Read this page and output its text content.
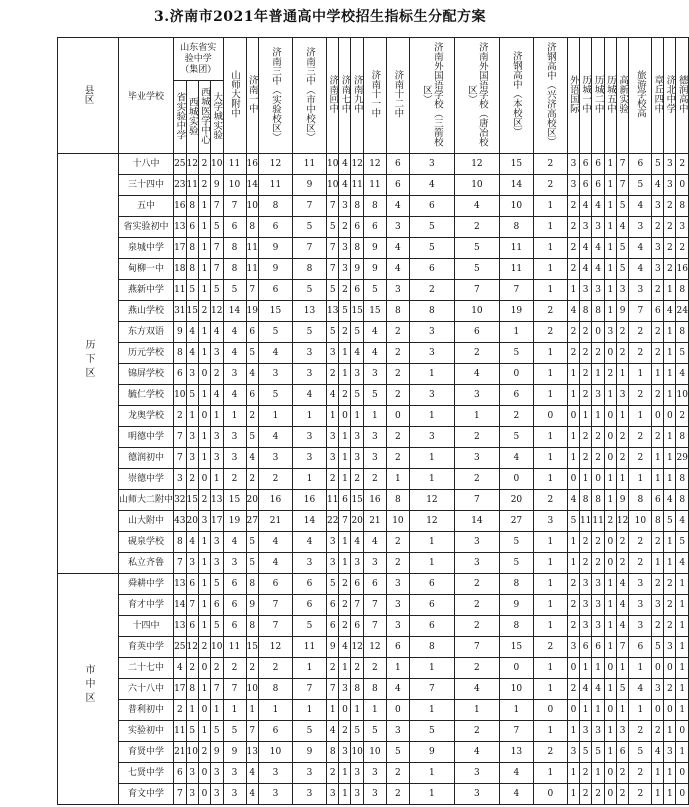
3.济南市2021年普通高中学校招生指标生分配方案
县区	毕业学校	山东省实验中学（集团）				山师大附中	济南一中	济南三中（实验校区）	济南三中（市中校区）	济南回中	济南七中	济南九中	济南十一中	济南十二中	济南外国语学校（三箭校区）	济南外国语学校（唐冶校区）	济钢高中（本校区）	济钢高中（兴济高校区）	外语国际	历城一中	历城二中	历城五中	高新实验	旅游学校高	章丘四中	济北中学	德润高中
		省实验中学	西城实验	西城医学中心	大学城实验																						
历下区	十八中	25	12	2	10	11	16	12	11	10	4	12	12	6	3	12	15	2	3	6	6	1	7	6	5	3	2
	三十四中	23	11	2	9	10	14	11	9	10	4	11	11	6	4	10	14	2	3	6	6	1	7	5	4	3	0
	五中	16	8	1	7	7	10	8	7	7	3	8	8	4	6	4	10	1	2	4	4	1	5	4	3	2	8
	省实验初中	13	6	1	5	6	8	6	5	5	2	6	6	3	5	2	8	1	2	3	3	1	4	3	2	2	3
	泉城中学	17	8	1	7	8	11	9	7	7	3	8	9	4	5	5	11	1	2	4	4	1	5	4	3	2	2
	甸柳一中	18	8	1	7	8	11	9	8	7	3	9	9	4	6	5	11	1	2	4	4	1	5	4	3	2	16
	燕新中学	11	5	1	5	5	7	6	5	5	2	6	5	3	2	7	7	1	1	3	3	1	3	3	2	1	8
	燕山学校	31	15	2	12	14	19	15	13	13	5	15	15	8	8	10	19	2	4	8	8	1	9	7	6	4	24
	东方双语	9	4	1	4	4	6	5	5	5	2	5	4	2	3	6	1	2	2	2	0	3	2	2	2	1	8
	历元学校	8	4	1	3	4	5	4	3	3	1	4	4	2	3	2	5	1	2	2	2	0	2	2	2	1	5
	锦屏学校	6	3	0	2	3	4	3	3	2	1	3	3	2	1	4	0	1	1	2	1	2	1	1	1	1	4
	毓仁学校	10	5	1	4	4	6	5	4	4	2	5	5	2	3	3	6	1	1	2	3	1	3	2	2	1	10
	龙奥学校	2	1	0	1	1	2	1	1	1	0	1	1	0	1	1	2	0	0	1	1	0	1	1	0	0	2
	明德中学	7	3	1	3	3	5	4	3	3	1	3	3	2	3	2	5	1	1	2	2	0	2	2	2	1	8
	德润初中	7	3	1	3	3	4	3	3	3	1	3	3	2	1	3	4	1	1	2	2	0	2	2	1	1	29
	崇德中学	3	2	0	1	2	2	2	1	2	1	2	2	1	1	2	0	1	0	1	0	1	1	1	1	1	8
	山师大二附中	32	15	2	13	15	20	16	16	11	6	15	16	8	12	7	20	2	4	8	8	1	9	8	6	4	8
	山大附中	43	20	3	17	19	27	21	14	22	7	20	21	10	12	14	27	3	5	11	11	2	12	10	8	5	4
	砚泉学校	8	4	1	3	4	5	4	4	3	1	4	4	2	1	3	5	1	1	2	2	0	2	2	2	1	5
	私立齐鲁	7	3	1	3	3	5	4	3	3	1	3	3	2	1	3	5	1	1	2	2	0	2	2	1	1	4
市中区	舜耕中学	13	6	1	5	6	8	6	6	5	2	6	6	3	6	2	8	1	2	3	3	1	4	3	2	2	1
	育才中学	14	7	1	6	6	9	7	6	6	2	7	7	3	6	2	9	1	2	3	3	1	4	3	3	2	1
	十四中	13	6	1	5	6	8	7	5	6	2	6	7	3	6	2	8	1	2	3	3	1	4	3	2	2	1
	育英中学	25	12	2	10	11	15	12	11	9	4	12	12	6	8	7	15	2	3	6	6	1	7	6	5	3	1
	二十七中	4	2	0	2	2	2	2	1	2	1	2	2	1	1	2	0	1	0	1	1	0	1	1	0	0	1
	六十八中	17	8	1	7	7	10	8	7	7	3	8	8	4	7	4	10	1	2	4	4	1	5	4	3	2	1
	普利初中	2	1	0	1	1	1	1	1	1	0	1	1	0	1	1	1	0	0	1	1	0	1	1	0	0	1
	实验初中	11	5	1	5	5	7	6	5	4	2	5	5	3	5	2	7	1	1	3	3	1	3	2	2	1	0
	育贤中学	21	10	2	9	9	13	10	9	8	3	10	10	5	9	4	13	2	3	5	5	1	6	5	4	3	1
	七贤中学	6	3	0	3	3	4	3	3	2	1	3	3	2	1	3	4	1	1	2	1	0	2	2	1	1	0
	育文中学	7	3	0	3	3	4	3	3	3	1	3	3	2	1	3	4	0	1	2	2	0	2	2	1	1	0
